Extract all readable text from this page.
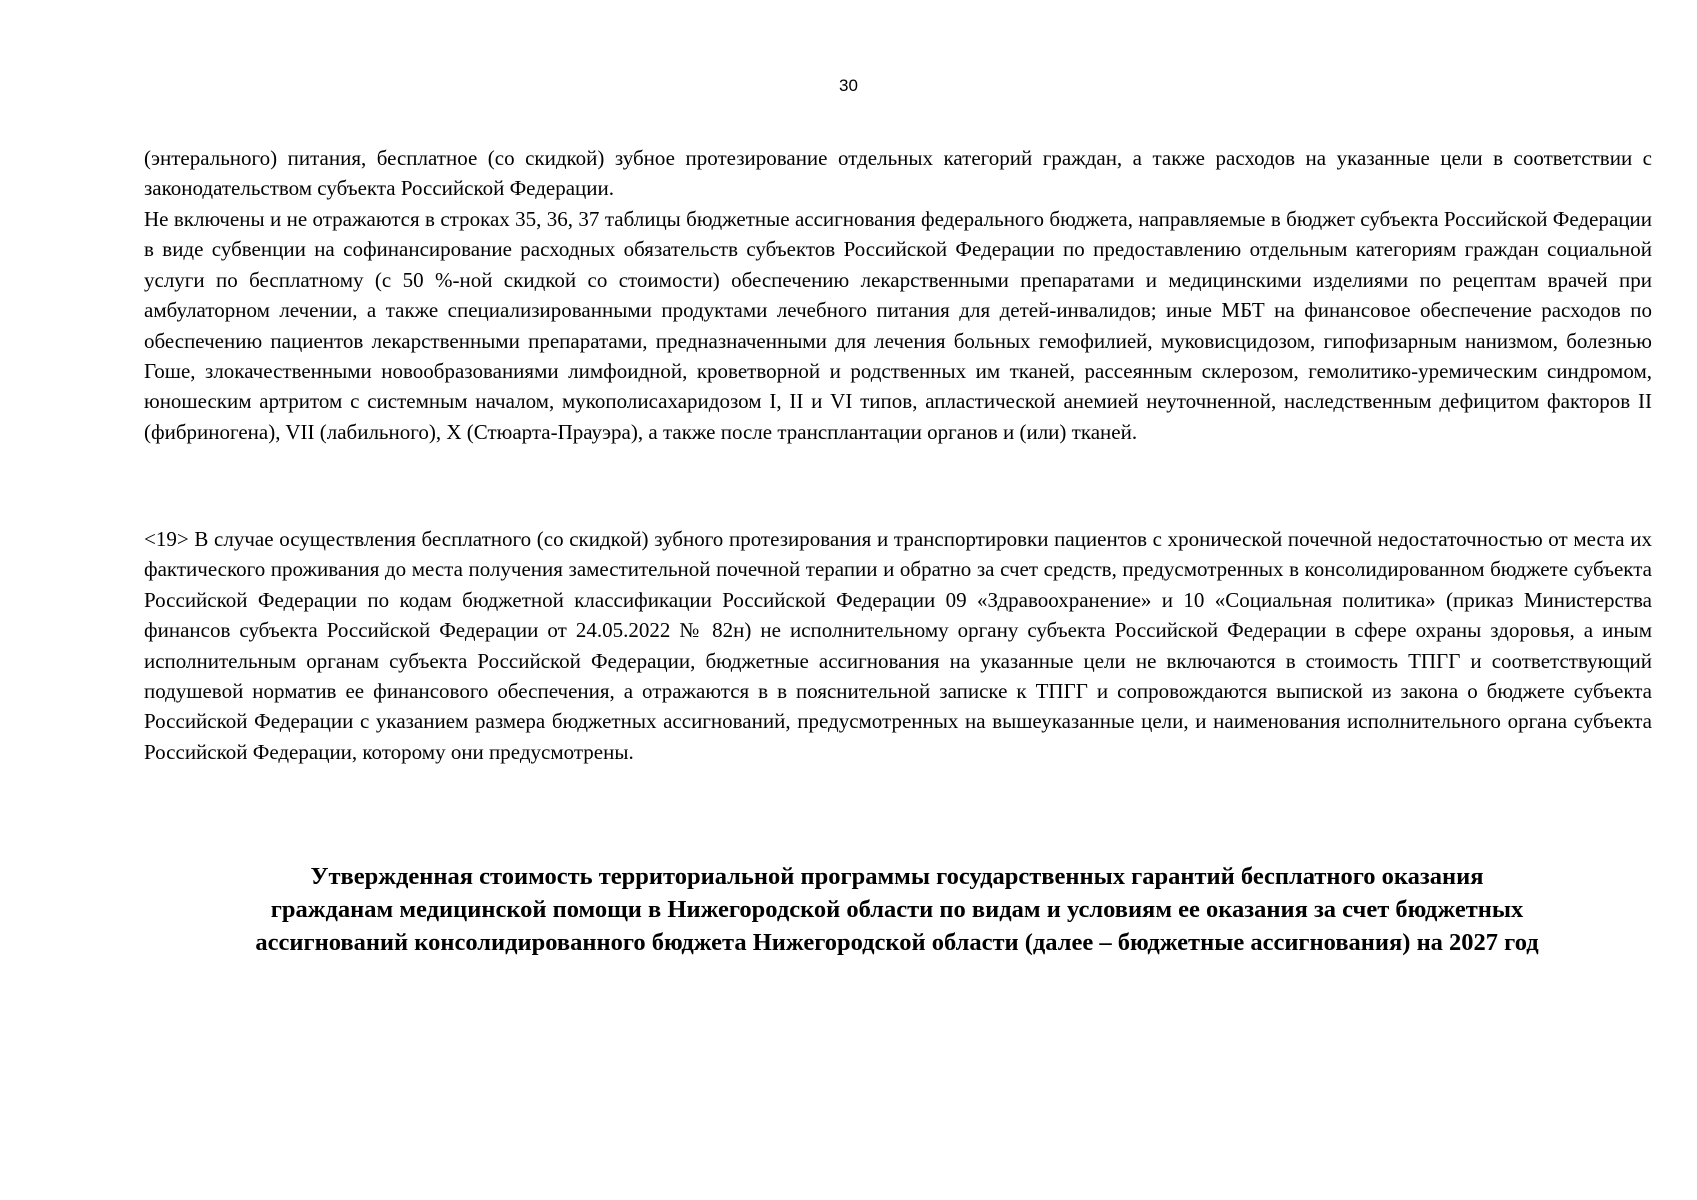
30

(энтерального) питания, бесплатное (со скидкой) зубное протезирование отдельных категорий граждан, а также расходов на указанные цели в соответствии с законодательством субъекта Российской Федерации.

Не включены и не отражаются в строках 35, 36, 37 таблицы бюджетные ассигнования федерального бюджета, направляемые в бюджет субъекта Российской Федерации в виде субвенции на софинансирование расходных обязательств субъектов Российской Федерации по предоставлению отдельным категориям граждан социальной услуги по бесплатному (с 50 %-ной скидкой со стоимости) обеспечению лекарственными препаратами и медицинскими изделиями по рецептам врачей при амбулаторном лечении, а также специализированными продуктами лечебного питания для детей-инвалидов; иные МБТ на финансовое обеспечение расходов по обеспечению пациентов лекарственными препаратами, предназначенными для лечения больных гемофилией, муковисцидозом, гипофизарным нанизмом, болезнью Гоше, злокачественными новообразованиями лимфоидной, кроветворной и родственных им тканей, рассеянным склерозом, гемолитико-уремическим синдромом, юношеским артритом с системным началом, мукополисахаридозом I, II и VI типов, апластической анемией неуточненной, наследственным дефицитом факторов II (фибриногена), VII (лабильного), X (Стюарта-Прауэра), а также после трансплантации органов и (или) тканей.

<19> В случае осуществления бесплатного (со скидкой) зубного протезирования и транспортировки пациентов с хронической почечной недостаточностью от места их фактического проживания до места получения заместительной почечной терапии и обратно за счет средств, предусмотренных в консолидированном бюджете субъекта Российской Федерации по кодам бюджетной классификации Российской Федерации 09 «Здравоохранение» и 10 «Социальная политика» (приказ Министерства финансов субъекта Российской Федерации от 24.05.2022 № 82н) не исполнительному органу субъекта Российской Федерации в сфере охраны здоровья, а иным исполнительным органам субъекта Российской Федерации, бюджетные ассигнования на указанные цели не включаются в стоимость ТПГГ и соответствующий подушевой норматив ее финансового обеспечения, а отражаются в в пояснительной записке к ТПГГ и сопровождаются выпиской из закона о бюджете субъекта Российской Федерации с указанием размера бюджетных ассигнований, предусмотренных на вышеуказанные цели, и наименования исполнительного органа субъекта Российской Федерации, которому они предусмотрены.

Утвержденная стоимость территориальной программы государственных гарантий бесплатного оказания
гражданам медицинской помощи в Нижегородской области по видам и условиям ее оказания за счет бюджетных
ассигнований консолидированного бюджета Нижегородской области (далее – бюджетные ассигнования) на 2027 год
